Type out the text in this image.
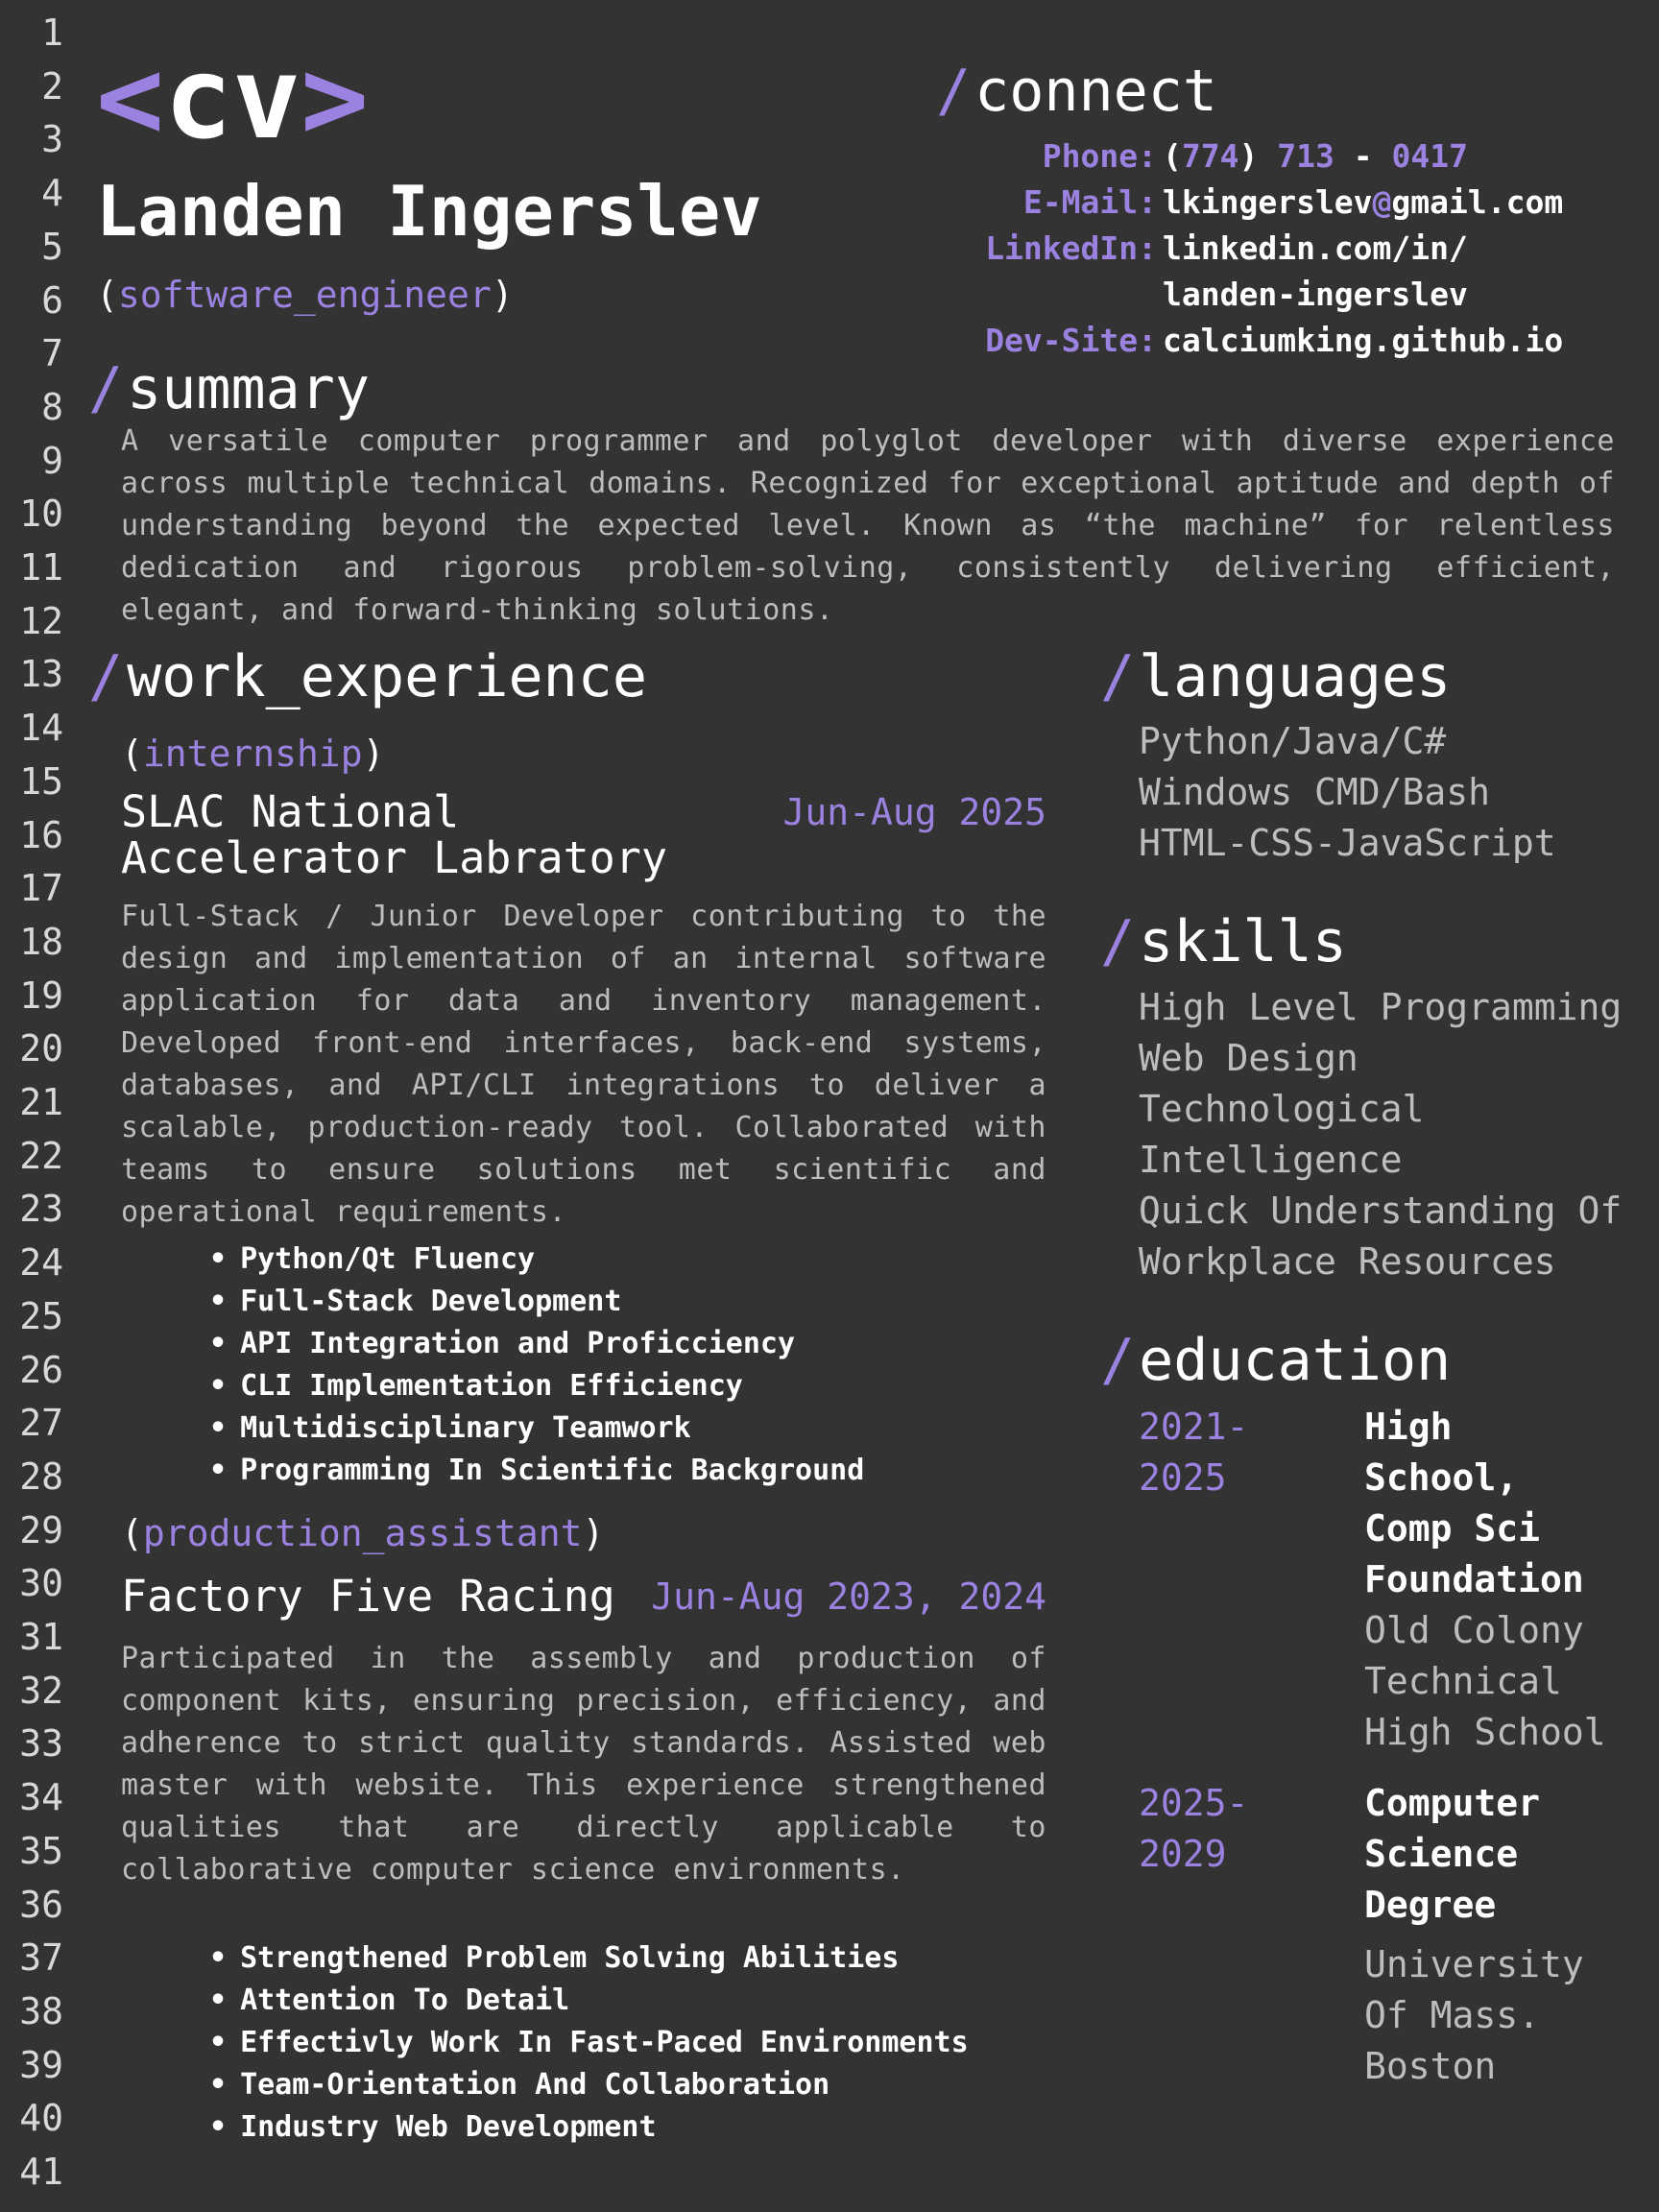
1
2
3
4
5
6
7
8
9
10
11
12
13
14
15
16
17
18
19
20
21
22
23
24
25
26
27
28
29
30
31
32
33
34
35
36
37
38
39
40
41
<cv>
Landen Ingerslev
(software_engineer)
/connect
Phone: (774) 713 - 0417
E-Mail: lkingerslev@gmail.com
LinkedIn: linkedin.com/in/
landen-ingerslev
Dev-Site: calciumking.github.io
/summary
A versatile computer programmer and polyglot developer with diverse experience across multiple technical domains. Recognized for exceptional aptitude and depth of understanding beyond the expected level. Known as “the machine” for relentless dedication and rigorous problem-solving, consistently delivering efficient, elegant, and forward-thinking solutions.
/work_experience
(internship)
SLAC National
Accelerator Labratory
Jun-Aug 2025
Full-Stack / Junior Developer contributing to the design and implementation of an internal software application for data and inventory management. Developed front-end interfaces, back-end systems, databases, and API/CLI integrations to deliver a scalable, production-ready tool. Collaborated with teams to ensure solutions met scientific and operational requirements.
• Python/Qt Fluency
• Full-Stack Development
• API Integration and Proficciency
• CLI Implementation Efficiency
• Multidisciplinary Teamwork
• Programming In Scientific Background
(production_assistant)
Factory Five Racing Jun-Aug 2023, 2024
Participated in the assembly and production of component kits, ensuring precision, efficiency, and adherence to strict quality standards. Assisted web master with website. This experience strengthened qualities that are directly applicable to collaborative computer science environments.
• Strengthened Problem Solving Abilities
• Attention To Detail
• Effectivly Work In Fast-Paced Environments
• Team-Orientation And Collaboration
• Industry Web Development
/languages
Python/Java/C#
Windows CMD/Bash
HTML-CSS-JavaScript
/skills
High Level Programming
Web Design
Technological
Intelligence
Quick Understanding Of
Workplace Resources
/education
2021-2025
High
School,
Comp Sci
Foundation
Old Colony
Technical
High School
2025-2029
Computer
Science
Degree
University
Of Mass.
Boston
